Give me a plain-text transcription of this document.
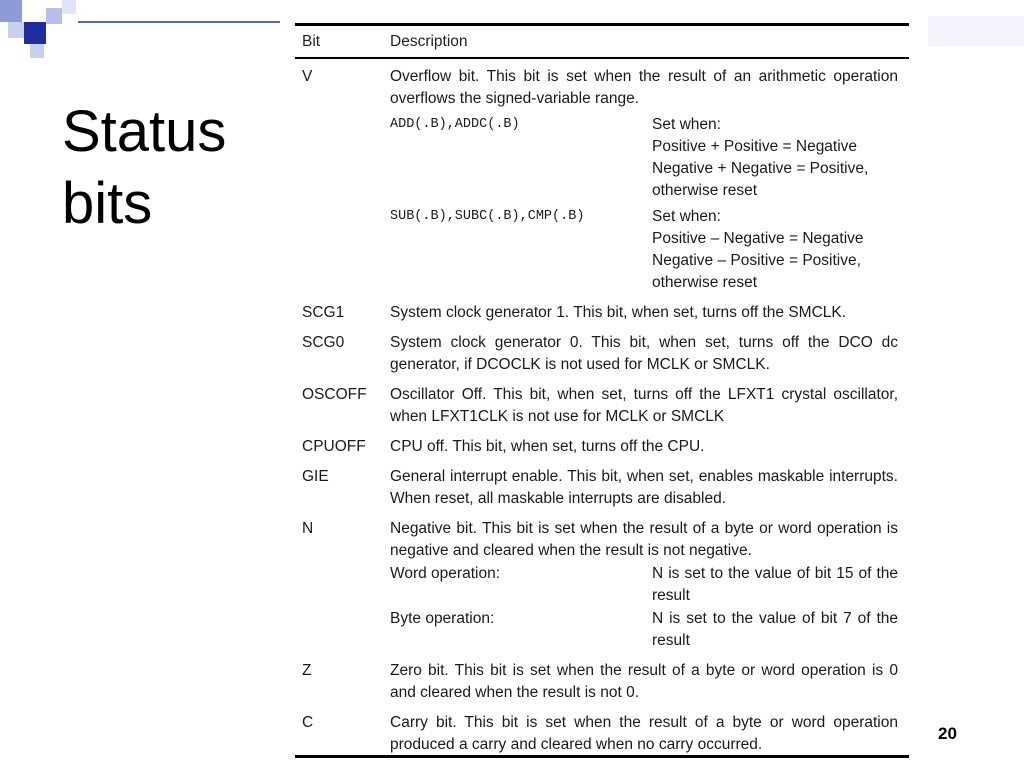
Status
bits
Bit	Description
V	Overflow bit. This bit is set when the result of an arithmetic operation overflows the signed-variable range.
ADD(.B),ADDC(.B)	Set when:
Positive + Positive = Negative
Negative + Negative = Positive,
otherwise reset
SUB(.B),SUBC(.B),CMP(.B)	Set when:
Positive – Negative = Negative
Negative – Positive = Positive,
otherwise reset
SCG1	System clock generator 1. This bit, when set, turns off the SMCLK.
SCG0	System clock generator 0. This bit, when set, turns off the DCO dc generator, if DCOCLK is not used for MCLK or SMCLK.
OSCOFF	Oscillator Off. This bit, when set, turns off the LFXT1 crystal oscillator, when LFXT1CLK is not use for MCLK or SMCLK
CPUOFF	CPU off. This bit, when set, turns off the CPU.
GIE	General interrupt enable. This bit, when set, enables maskable interrupts. When reset, all maskable interrupts are disabled.
N	Negative bit. This bit is set when the result of a byte or word operation is negative and cleared when the result is not negative.
Word operation:	N is set to the value of bit 15 of the result
Byte operation:	N is set to the value of bit 7 of the result
Z	Zero bit. This bit is set when the result of a byte or word operation is 0 and cleared when the result is not 0.
C	Carry bit. This bit is set when the result of a byte or word operation produced a carry and cleared when no carry occurred.
20
